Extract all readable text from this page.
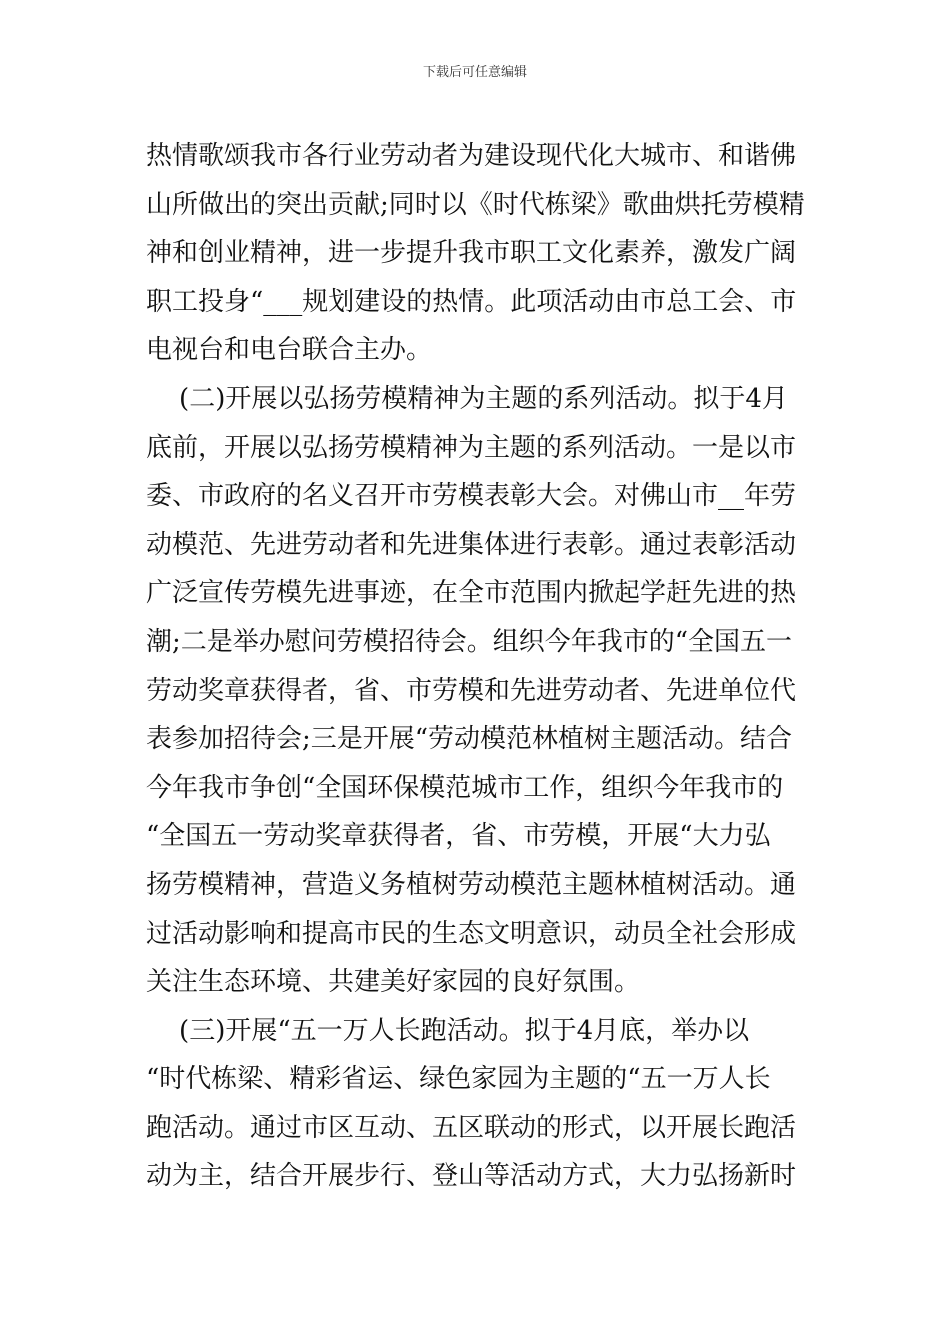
下载后可任意编辑
热情歌颂我市各行业劳动者为建设现代化大城市、和谐佛
山所做出的突出贡献;同时以《时代栋梁》歌曲烘托劳模精
神和创业精神，进一步提升我市职工文化素养，激发广阔
职工投身“___规划建设的热情。此项活动由市总工会、市
电视台和电台联合主办。
(二)开展以弘扬劳模精神为主题的系列活动。拟于4月
底前，开展以弘扬劳模精神为主题的系列活动。一是以市
委、市政府的名义召开市劳模表彰大会。对佛山市__年劳
动模范、先进劳动者和先进集体进行表彰。通过表彰活动
广泛宣传劳模先进事迹，在全市范围内掀起学赶先进的热
潮;二是举办慰问劳模招待会。组织今年我市的“全国五一
劳动奖章获得者，省、市劳模和先进劳动者、先进单位代
表参加招待会;三是开展“劳动模范林植树主题活动。结合
今年我市争创“全国环保模范城市工作，组织今年我市的
“全国五一劳动奖章获得者，省、市劳模，开展“大力弘
扬劳模精神，营造义务植树劳动模范主题林植树活动。通
过活动影响和提高市民的生态文明意识，动员全社会形成
关注生态环境、共建美好家园的良好氛围。
(三)开展“五一万人长跑活动。拟于4月底，举办以
“时代栋梁、精彩省运、绿色家园为主题的“五一万人长
跑活动。通过市区互动、五区联动的形式，以开展长跑活
动为主，结合开展步行、登山等活动方式，大力弘扬新时
